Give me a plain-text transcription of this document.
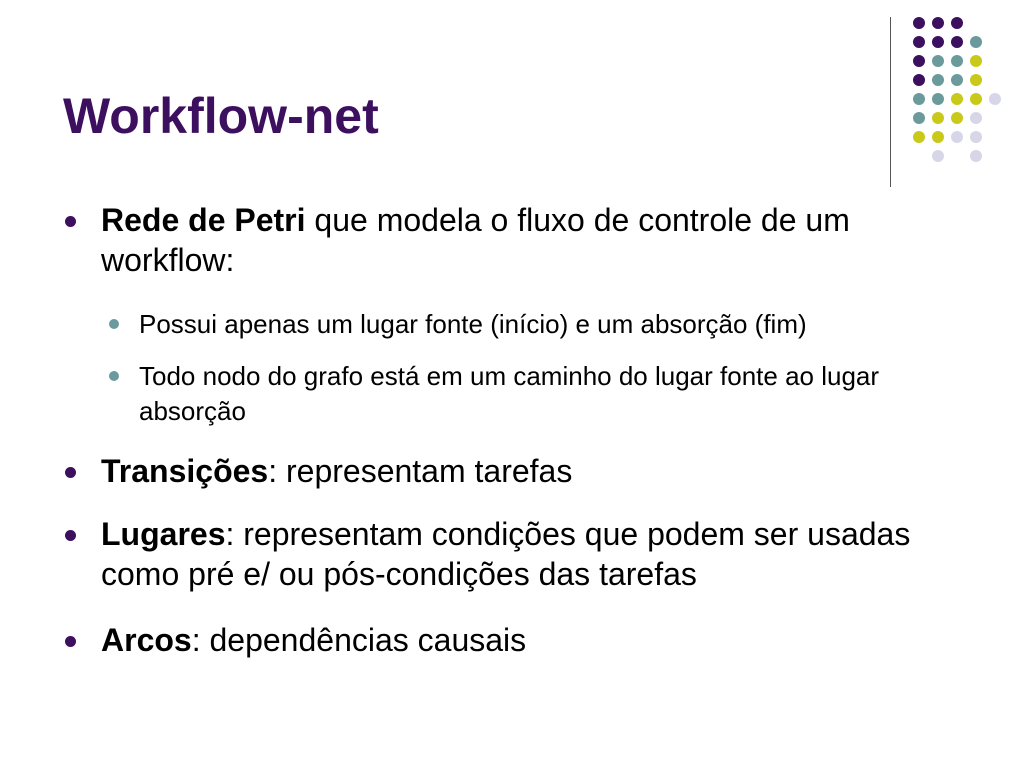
Workflow-net
Rede de Petri que modela o fluxo de controle de um workflow:
Possui apenas um lugar fonte (início) e um absorção (fim)
Todo nodo do grafo está em um caminho do lugar fonte ao lugar absorção
Transições: representam tarefas
Lugares: representam condições que podem ser usadas como pré e/ ou pós-condições das tarefas
Arcos: dependências causais
